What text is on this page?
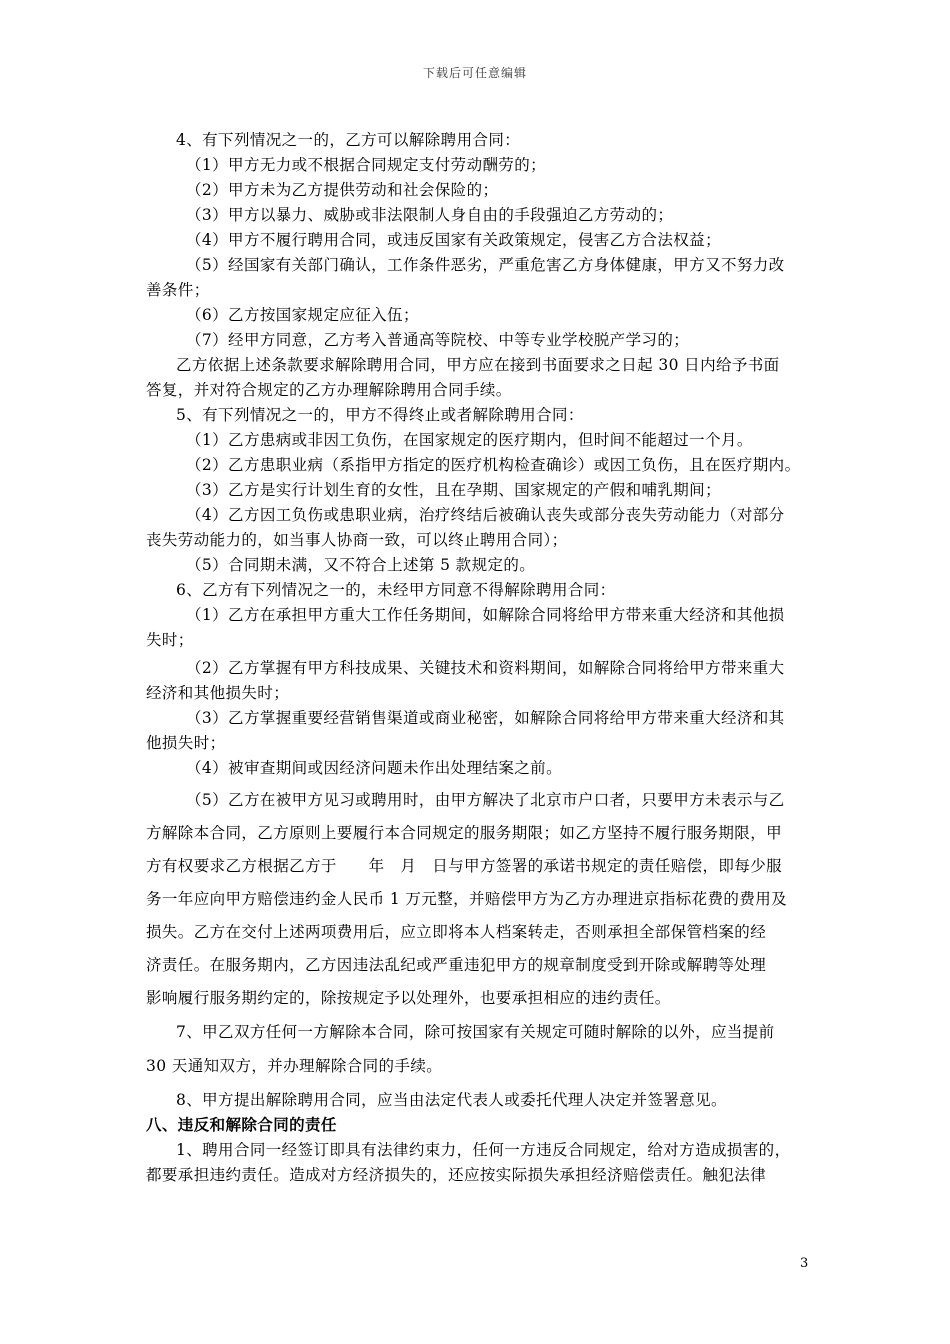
下载后可任意编辑
4、有下列情况之一的，乙方可以解除聘用合同：
（1）甲方无力或不根据合同规定支付劳动酬劳的；
（2）甲方未为乙方提供劳动和社会保险的；
（3）甲方以暴力、威胁或非法限制人身自由的手段强迫乙方劳动的；
（4）甲方不履行聘用合同，或违反国家有关政策规定，侵害乙方合法权益；
（5）经国家有关部门确认，工作条件恶劣，严重危害乙方身体健康，甲方又不努力改
善条件；
（6）乙方按国家规定应征入伍；
（7）经甲方同意，乙方考入普通高等院校、中等专业学校脱产学习的；
乙方依据上述条款要求解除聘用合同，甲方应在接到书面要求之日起 30 日内给予书面
答复，并对符合规定的乙方办理解除聘用合同手续。
5、有下列情况之一的，甲方不得终止或者解除聘用合同：
（1）乙方患病或非因工负伤，在国家规定的医疗期内，但时间不能超过一个月。
（2）乙方患职业病（系指甲方指定的医疗机构检查确诊）或因工负伤，且在医疗期内。
（3）乙方是实行计划生育的女性，且在孕期、国家规定的产假和哺乳期间；
（4）乙方因工负伤或患职业病，治疗终结后被确认丧失或部分丧失劳动能力（对部分
丧失劳动能力的，如当事人协商一致，可以终止聘用合同）；
（5）合同期未满，又不符合上述第 5 款规定的。
6、乙方有下列情况之一的，未经甲方同意不得解除聘用合同：
（1）乙方在承担甲方重大工作任务期间，如解除合同将给甲方带来重大经济和其他损
失时；
（2）乙方掌握有甲方科技成果、关键技术和资料期间，如解除合同将给甲方带来重大
经济和其他损失时；
（3）乙方掌握重要经营销售渠道或商业秘密，如解除合同将给甲方带来重大经济和其
他损失时；
（4）被审查期间或因经济问题未作出处理结案之前。
（5）乙方在被甲方见习或聘用时，由甲方解决了北京市户口者，只要甲方未表示与乙
方解除本合同，乙方原则上要履行本合同规定的服务期限；如乙方坚持不履行服务期限，甲
方有权要求乙方根据乙方于　　年　月　日与甲方签署的承诺书规定的责任赔偿，即每少服
务一年应向甲方赔偿违约金人民币 1 万元整，并赔偿甲方为乙方办理进京指标花费的费用及
损失。乙方在交付上述两项费用后，应立即将本人档案转走，否则承担全部保管档案的经
济责任。在服务期内，乙方因违法乱纪或严重违犯甲方的规章制度受到开除或解聘等处理
影响履行服务期约定的，除按规定予以处理外，也要承担相应的违约责任。
7、甲乙双方任何一方解除本合同，除可按国家有关规定可随时解除的以外，应当提前
30 天通知双方，并办理解除合同的手续。
8、甲方提出解除聘用合同，应当由法定代表人或委托代理人决定并签署意见。
八、违反和解除合同的责任
1、聘用合同一经签订即具有法律约束力，任何一方违反合同规定，给对方造成损害的，
都要承担违约责任。造成对方经济损失的，还应按实际损失承担经济赔偿责任。触犯法律
3
